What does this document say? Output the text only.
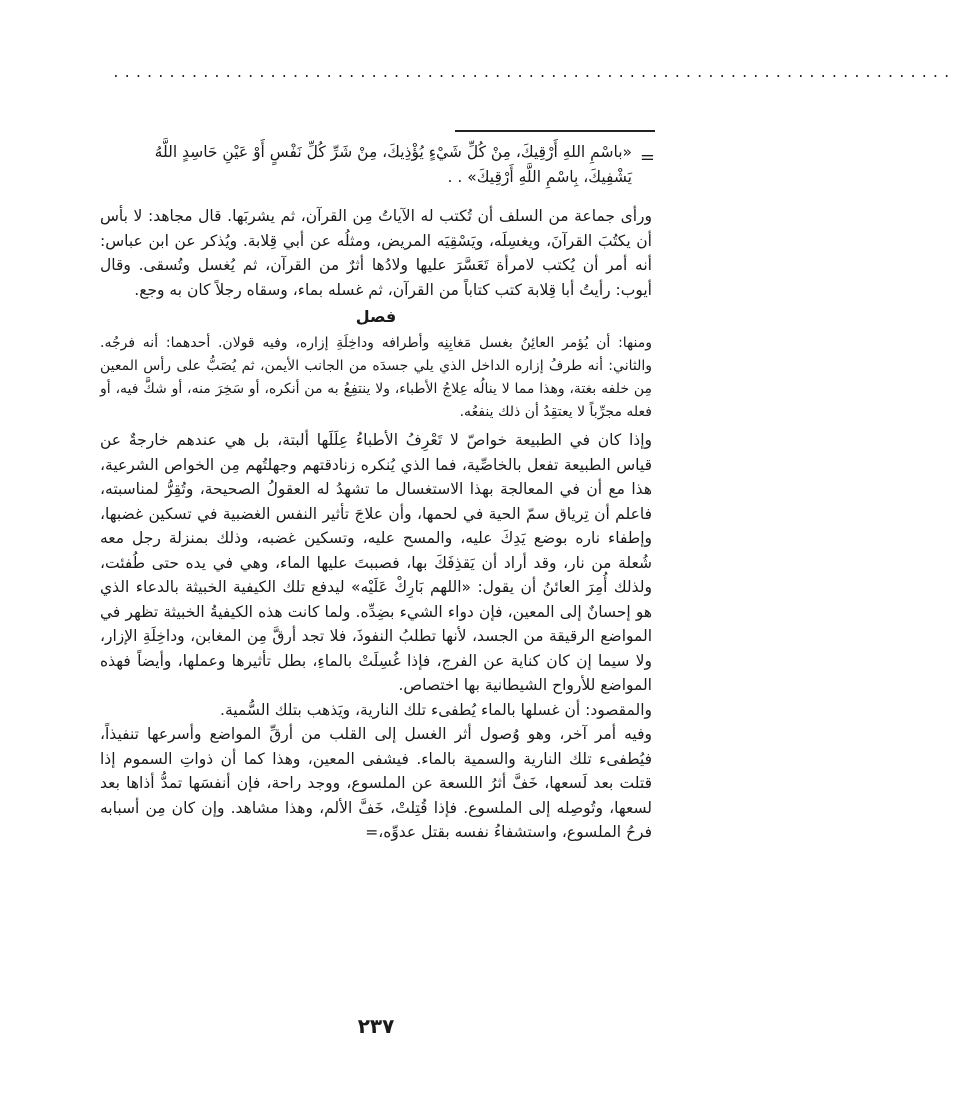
...........................................................................
=

«باسْمِ اللهِ أَرْقِيكَ، مِنْ كُلِّ شَيْءٍ يُؤْذِيكَ، مِنْ شَرِّ كُلِّ نَفْسٍ أَوْ عَيْنِ حَاسِدٍ اللَّهُ

يَشْفِيكَ، بِاسْمِ اللَّهِ أَرْقِيكَ» . .

ورأى جماعة من السلف أن تُكتب له الآياتُ مِن القرآن، ثم يشربَها. قال مجاهد: لا بأس أن يكتُبَ القرآنَ، ويغسِلَه، ويَسْقِيَه المريض، ومثلُه عن أبي قِلابة. ويُذكر عن ابن عباس: أنه أمر أن يُكتب لامرأة تَعَسَّرَ عليها ولادُها أثرٌ من القرآن، ثم يُغسل وتُسقى. وقال أيوب: رأيتُ أبا قِلابة كتب كتاباً من القرآن، ثم غسله بماء، وسقاه رجلاً كان به وجع.

فصل

ومنها: أن يُؤمر العائِنُ بغسل مَغابِنِه وأطرافه وداخِلَةِ إزاره، وفيه قولان. أحدهما: أنه فرجُه. والثاني: أنه طرفُ إزاره الداخل الذي يلي جسدَه من الجانب الأيمن، ثم يُصَبُّ على رأس المعين مِن خلفه بغتة، وهذا مما لا ينالُه عِلاجُ الأطباء، ولا ينتفِعُ به من أنكره، أو سَخِرَ منه، أو شكَّ فيه، أو فعله مجرِّباً لا يعتقِدُ أن ذلك ينفعُه.

وإذا كان في الطبيعة خواصّ لا تَعْرِفُ الأطباءُ عِلَلَها ألبتة، بل هي عندهم خارجةٌ عن قياس الطبيعة تفعل بالخاصِّية، فما الذي يُنكره زنادقتهم وجهلتُهم مِن الخواص الشرعية، هذا مع أن في المعالجة بهذا الاستغسال ما تشهدُ له العقولُ الصحيحة، وتُقِرُّ لمناسبته، فاعلم أن تِرياق سمّ الحية في لحمها، وأن علاجَ تأثير النفس الغضبية في تسكين غضبها، وإطفاء ناره بوضع يَدِكَ عليه، والمسح عليه، وتسكين غضبه، وذلك بمنزلة رجل معه شُعلة من نار، وقد أراد أن يَقذِفَكَ بها، فصببتَ عليها الماء، وهي في يده حتى طُفئت، ولذلك أُمِرَ العائنُ أن يقول: «اللهم بَارِكْ عَلَيْه» ليدفع تلك الكيفية الخبيثة بالدعاء الذي هو إحسانٌ إلى المعين، فإن دواء الشيء بضِدِّه. ولما كانت هذه الكيفيةُ الخبيثة تظهر في المواضع الرقيقة من الجسد، لأنها تطلبُ النفوذَ، فلا تجد أرقَّ مِن المغابن، وداخِلَةِ الإزار، ولا سيما إن كان كناية عن الفرج، فإذا غُسِلَتْ بالماءِ، بطل تأثيرها وعملها، وأيضاً فهذه المواضع للأرواح الشيطانية بها اختصاص.

والمقصود: أن غسلها بالماء يُطفىء تلك النارية، ويَذهب بتلك السُّمية.

وفيه أمر آخر، وهو وُصول أثر الغسل إلى القلب من أرقِّ المواضع وأسرعها تنفيذاً، فيُطفىء تلك النارية والسمية بالماء. فيشفى المعين، وهذا كما أن ذواتِ السموم إذا قتلت بعد لَسعها، خَفَّ أثرُ اللسعة عن الملسوع، ووجد راحة، فإن أنفسَها تمدُّ أذاها بعد لسعها، وتُوصِله إلى الملسوع. فإذا قُتِلتْ، خَفَّ الألم، وهذا مشاهد. وإن كان مِن أسبابه فرحُ الملسوع، واستشفاءُ نفسه بقتل عدوِّه،=

٢٣٧
